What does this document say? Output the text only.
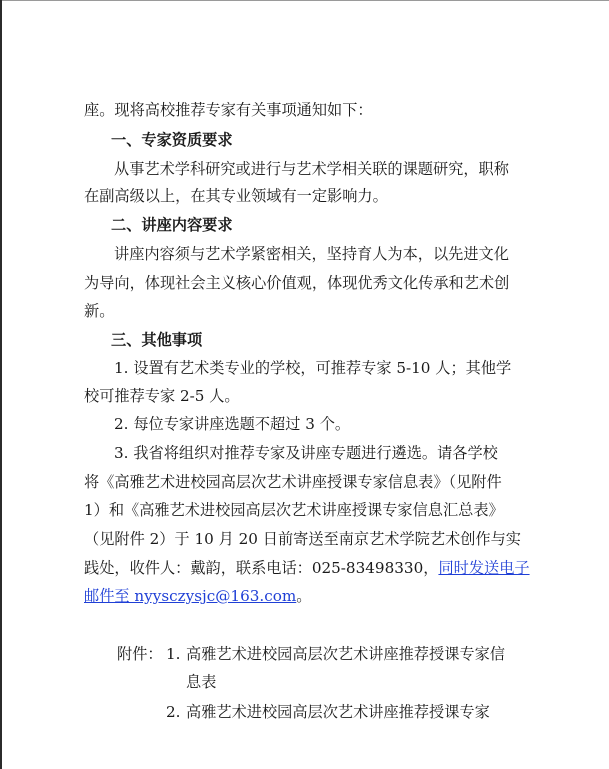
座。现将高校推荐专家有关事项通知如下：
一、专家资质要求
从事艺术学科研究或进行与艺术学相关联的课题研究，职称
在副高级以上，在其专业领域有一定影响力。
二、讲座内容要求
讲座内容须与艺术学紧密相关，坚持育人为本，以先进文化
为导向，体现社会主义核心价值观，体现优秀文化传承和艺术创
新。
三、其他事项
1. 设置有艺术类专业的学校，可推荐专家 5-10 人；其他学
校可推荐专家 2-5 人。
2. 每位专家讲座选题不超过 3 个。
3. 我省将组织对推荐专家及讲座专题进行遴选。请各学校
将《高雅艺术进校园高层次艺术讲座授课专家信息表》（见附件
1）和《高雅艺术进校园高层次艺术讲座授课专家信息汇总表》
（见附件 2）于 10 月 20 日前寄送至南京艺术学院艺术创作与实
践处，收件人：戴韵，联系电话：025-83498330，同时发送电子
邮件至 nyysczysjc@163.com。
附件： 1. 高雅艺术进校园高层次艺术讲座推荐授课专家信
息表
2. 高雅艺术进校园高层次艺术讲座推荐授课专家
